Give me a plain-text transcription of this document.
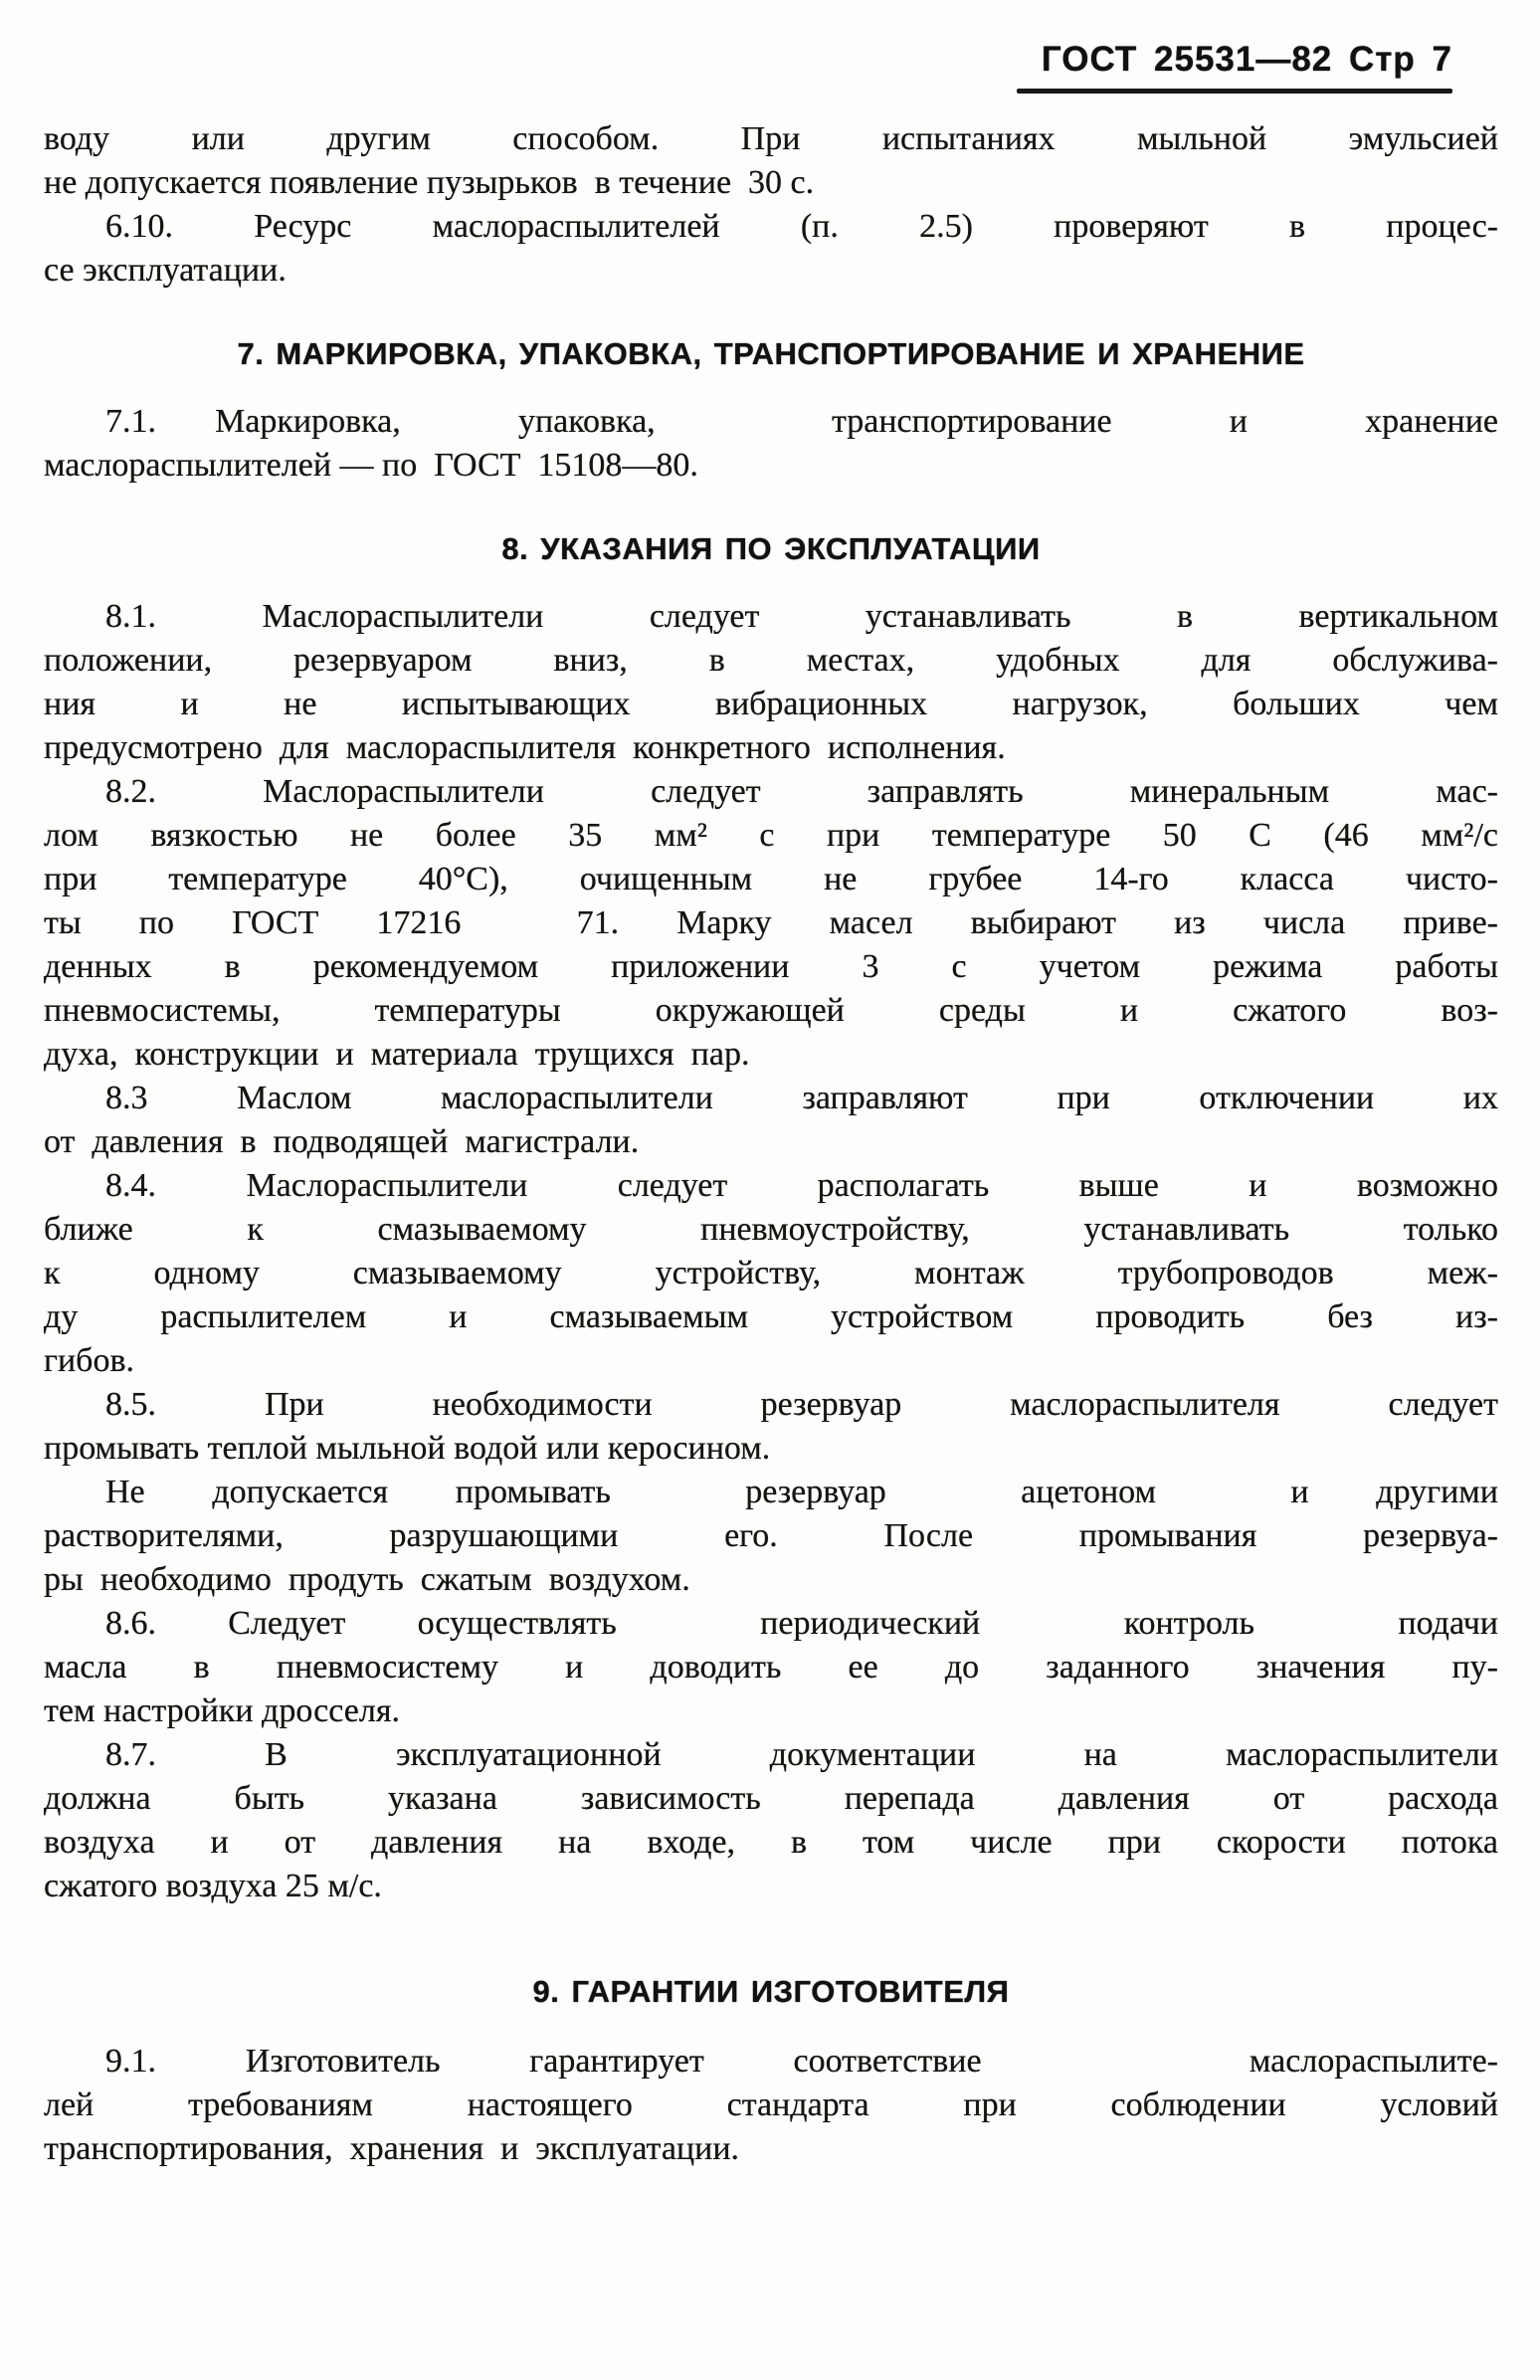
ГОСТ 25531—82 Стр 7
воду или другим способом. При испытаниях мыльной эмульсией
не допускается появление пузырьков  в течение  30 с.
6.10. Ресурс маслораспылителей (п. 2.5) проверяют в процес-
се эксплуатации.
7. МАРКИРОВКА, УПАКОВКА, ТРАНСПОРТИРОВАНИЕ И ХРАНЕНИЕ
7.1. Маркировка,  упаковка,   транспортирование  и  хранение
маслораспылителей — по  ГОСТ  15108—80.
8. УКАЗАНИЯ ПО ЭКСПЛУАТАЦИИ
8.1. Маслораспылители следует устанавливать в вертикальном
положении, резервуаром вниз, в местах, удобных для обслужива-
ния и не испытывающих вибрационных нагрузок, больших чем
предусмотрено  для  маслораспылителя  конкретного  исполнения.
8.2. Маслораспылители следует заправлять минеральным мас-
лом вязкостью не более 35 мм² с при температуре 50 С (46 мм²/с
при температуре 40°С), очищенным не грубее 14-го класса чисто-
ты по ГОСТ 17216  71. Марку масел выбирают из числа приве-
денных в рекомендуемом приложении 3 с учетом режима работы
пневмосистемы, температуры окружающей среды и сжатого воз-
духа,  конструкции  и  материала  трущихся  пар.
8.3 Маслом маслораспылители заправляют при отключении их
от  давления  в  подводящей  магистрали.
8.4. Маслораспылители следует располагать выше и возможно
ближе к смазываемому пневмоустройству, устанавливать только
к одному смазываемому устройству, монтаж трубопроводов меж-
ду распылителем и смазываемым устройством проводить без из-
гибов.
8.5. При необходимости резервуар маслораспылителя следует
промывать теплой мыльной водой или керосином.
Не допускается промывать  резервуар  ацетоном  и другими
растворителями, разрушающими его. После промывания резервуа-
ры  необходимо  продуть  сжатым  воздухом.
8.6. Следует осуществлять  периодический  контроль  подачи
масла в пневмосистему и доводить ее до заданного значения пу-
тем настройки дросселя.
8.7. В эксплуатационной документации на маслораспылители
должна быть указана зависимость перепада давления от расхода
воздуха и от давления на входе, в том числе при скорости потока
сжатого воздуха 25 м/с.
9. ГАРАНТИИ ИЗГОТОВИТЕЛЯ
9.1. Изготовитель гарантирует соответствие   маслораспылите-
лей требованиям настоящего стандарта при соблюдении условий
транспортирования,  хранения  и  эксплуатации.
